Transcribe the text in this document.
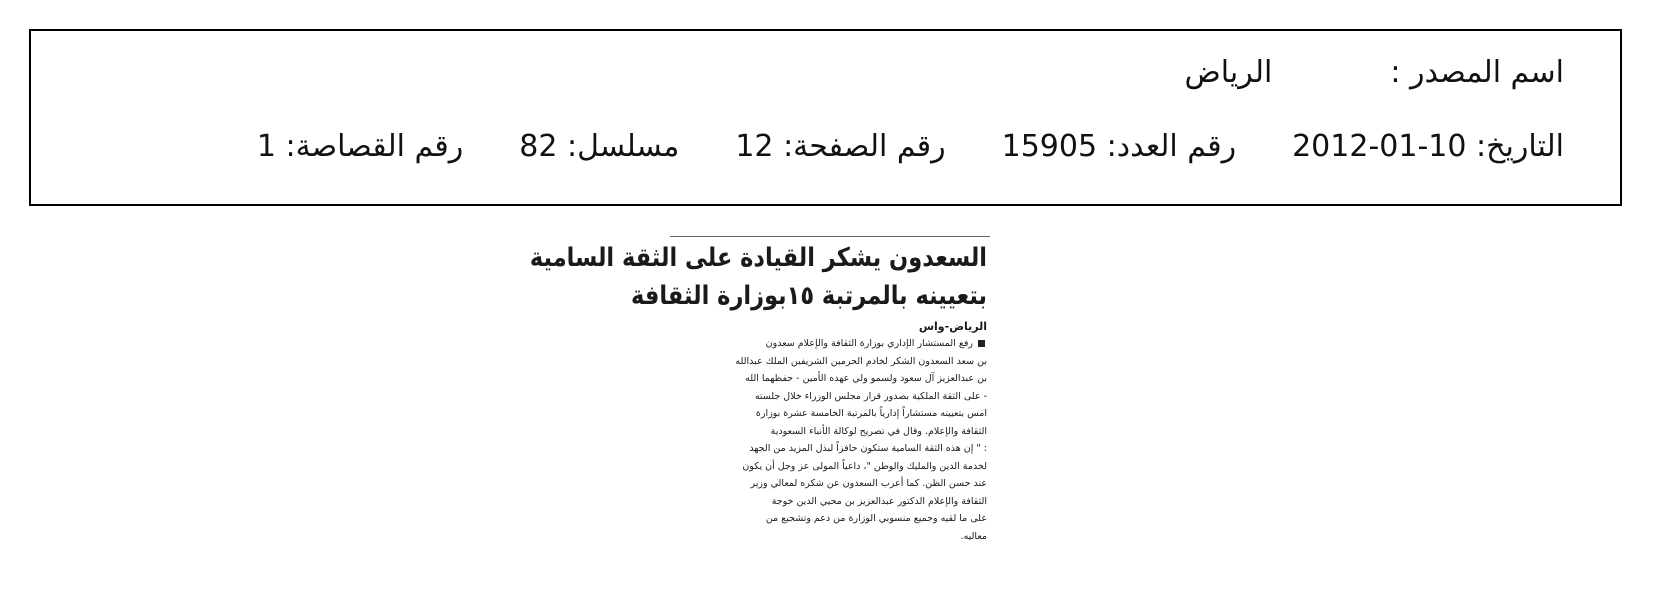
اسم المصدر :الرياض
التاريخ: 10-01-2012رقم العدد: 15905رقم الصفحة: 12مسلسل: 82رقم القصاصة: 1
السعدون يشكر القيادة على الثقة السامية
بتعيينه بالمرتبة ١٥بوزارة الثقافة
الرياض-واس
رفع المستشار الإداري بوزارة الثقافة والإعلام سعدون
بن سعد السعدون الشكر لخادم الحرمين الشريفين الملك عبدالله
بن عبدالعزيز آل سعود ولسمو ولي عهده الأمين - حفظهما الله
- على الثقة الملكية بصدور قرار مجلس الوزراء خلال جلسته
امس بتعيينه مستشاراً إدارياً بالمرتبة الخامسة عشرة بوزارة
الثقافة والإعلام. وقال في تصريح لوكالة الأنباء السعودية
: " إن هذه الثقة السامية ستكون حافزاً لبذل المزيد من الجهد
لخدمة الدين والمليك والوطن "، داعياً المولى عز وجل أن يكون
عند حسن الظن. كما أعرب السعدون عن شكره لمعالي وزير
الثقافة والإعلام الدكتور عبدالعزيز بن محيي الدين خوجة
على ما لقيه وجميع منسوبي الوزارة من دعم وتشجيع من
معاليه.
